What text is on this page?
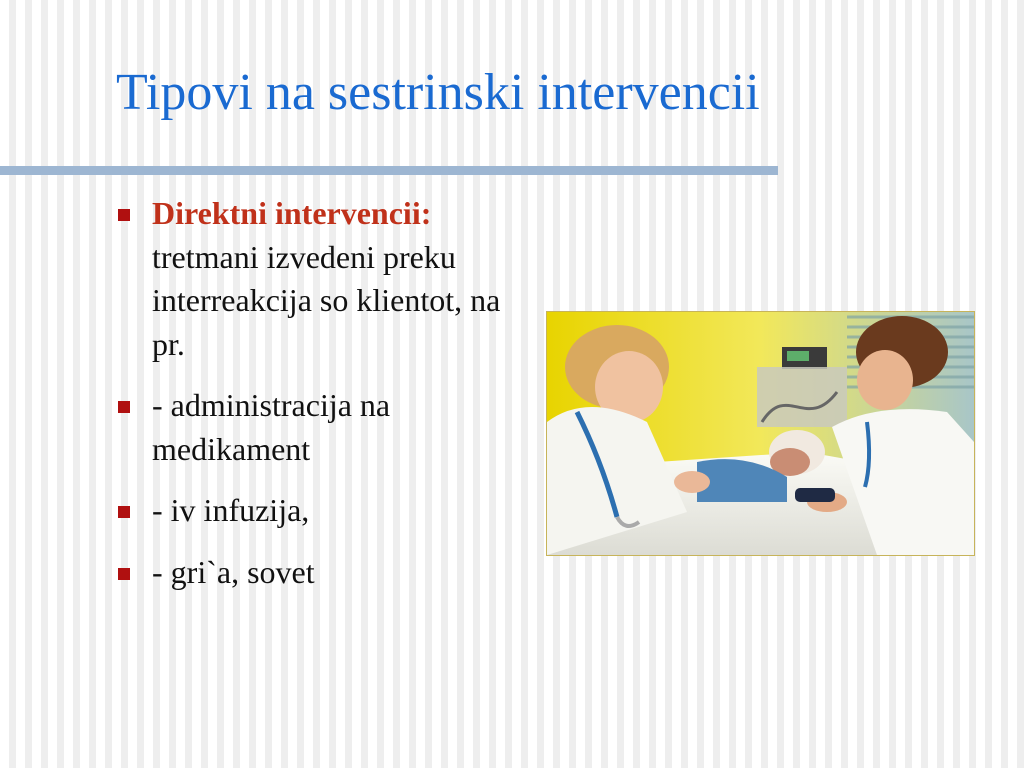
Tipovi na sestrinski intervencii
Direktni intervencii:
tretmani izvedeni preku interreakcija so klientot, na pr.
- administracija na medikament
- iv infuzija,
- gri`a, sovet
